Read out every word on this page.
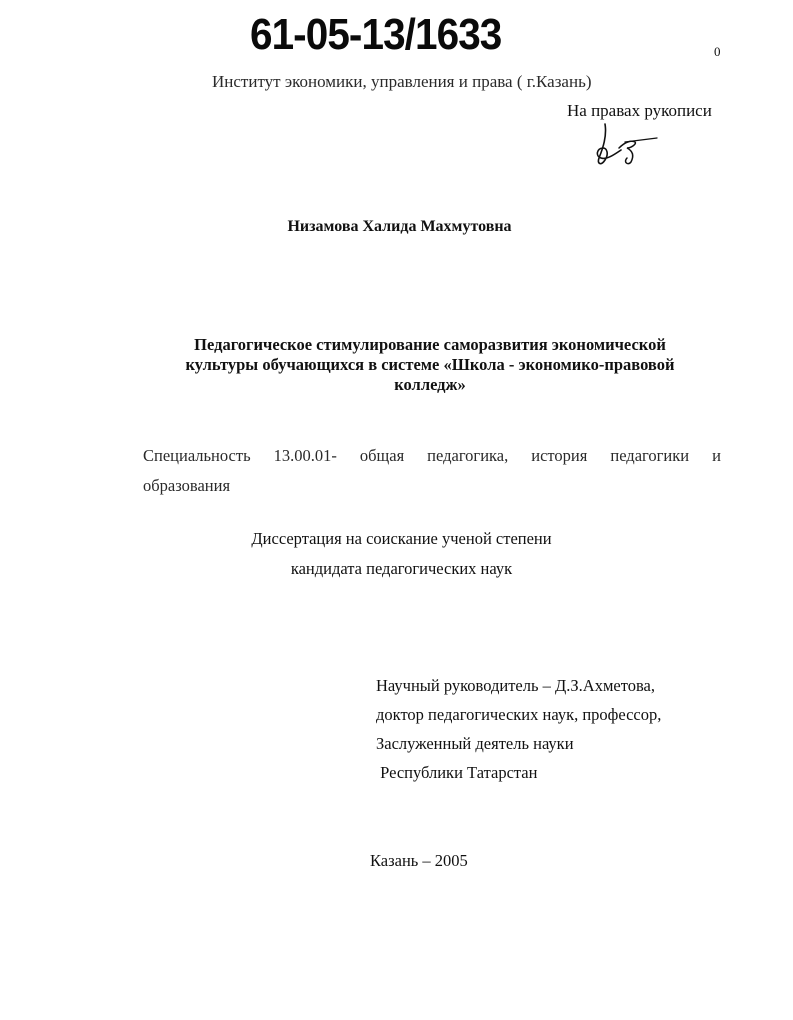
61-05-13/1633	0
Институт экономики, управления и права ( г.Казань)
На правах рукописи
Низамова Халида Махмутовна
Педагогическое стимулирование саморазвития экономической
культуры обучающихся в системе «Школа - экономико-правовой
колледж»
Специальность 13.00.01- общая педагогика, история педагогики и
образования
Диссертация на соискание ученой степени
кандидата педагогических наук
Научный руководитель – Д.З.Ахметова,
доктор педагогических наук, профессор,
Заслуженный деятель науки
Республики Татарстан
Казань – 2005
